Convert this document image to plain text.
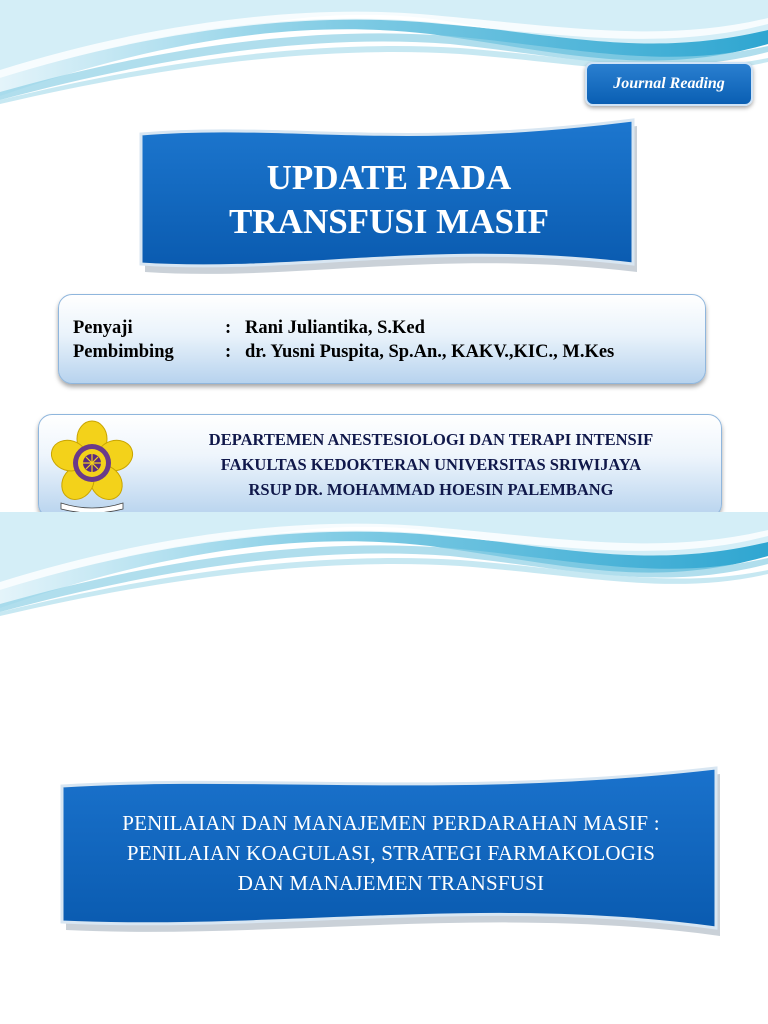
Journal Reading
UPDATE PADA
TRANSFUSI MASIF
Penyaji	: Rani Juliantika, S.Ked
Pembimbing	: dr. Yusni Puspita, Sp.An., KAKV.,KIC., M.Kes
DEPARTEMEN ANESTESIOLOGI DAN TERAPI INTENSIF
FAKULTAS KEDOKTERAN UNIVERSITAS SRIWIJAYA
RSUP DR. MOHAMMAD HOESIN PALEMBANG
PENILAIAN DAN MANAJEMEN PERDARAHAN MASIF :
PENILAIAN KOAGULASI, STRATEGI FARMAKOLOGIS
DAN MANAJEMEN TRANSFUSI
